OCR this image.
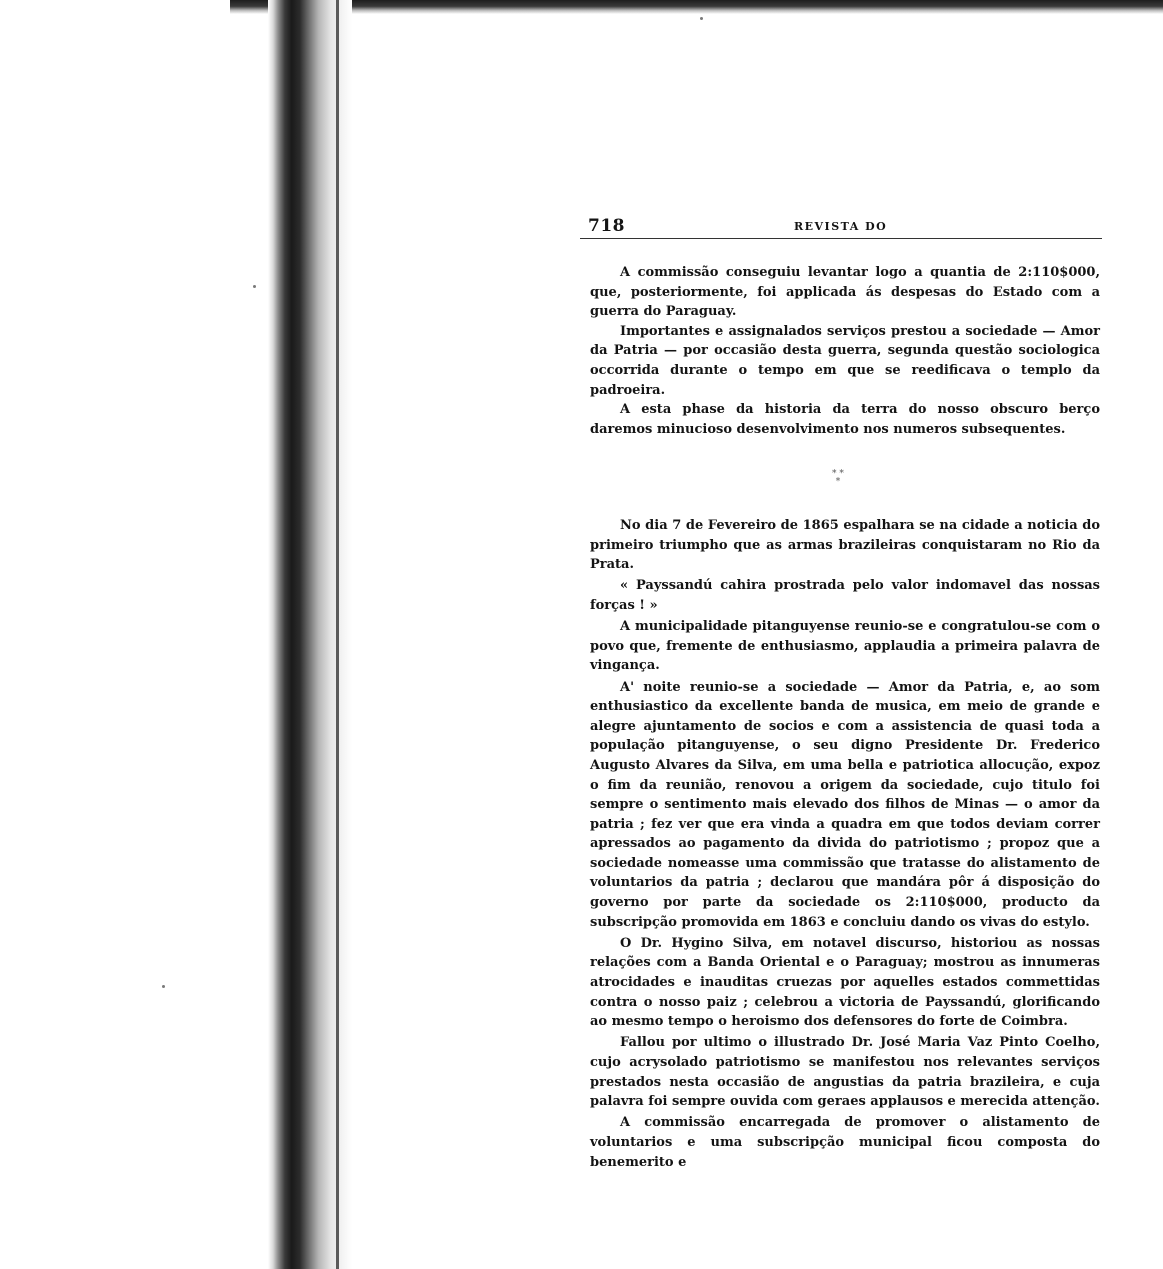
718	REVISTA DO

A commissão conseguiu levantar logo a quantia de 2:110$000, que, posteriormente, foi applicada ás despesas do Estado com a guerra do Paraguay.

Importantes e assignalados serviços prestou a sociedade — Amor da Patria — por occasião desta guerra, segunda questão sociologica occorrida durante o tempo em que se reedificava o templo da padroeira.

A esta phase da historia da terra do nosso obscuro berço daremos minucioso desenvolvimento nos numeros subsequentes.

* *
*

No dia 7 de Fevereiro de 1865 espalhara se na cidade a noticia do primeiro triumpho que as armas brazileiras conquistaram no Rio da Prata.

« Payssandú cahira prostrada pelo valor indomavel das nossas forças ! »

A municipalidade pitanguyense reunio-se e congratulou-se com o povo que, fremente de enthusiasmo, applaudia a primeira palavra de vingança.

A' noite reunio-se a sociedade — Amor da Patria, e, ao som enthusiastico da excellente banda de musica, em meio de grande e alegre ajuntamento de socios e com a assistencia de quasi toda a população pitanguyense, o seu digno Presidente Dr. Frederico Augusto Alvares da Silva, em uma bella e patriotica allocução, expoz o fim da reunião, renovou a origem da sociedade, cujo titulo foi sempre o sentimento mais elevado dos filhos de Minas — o amor da patria ; fez ver que era vinda a quadra em que todos deviam correr apressados ao pagamento da divida do patriotismo ; propoz que a sociedade nomeasse uma commissão que tratasse do alistamento de voluntarios da patria ; declarou que mandára pôr á disposição do governo por parte da sociedade os 2:110$000, producto da subscripção promovida em 1863 e concluiu dando os vivas do estylo.

O Dr. Hygino Silva, em notavel discurso, historiou as nossas relações com a Banda Oriental e o Paraguay; mostrou as innumeras atrocidades e inauditas cruezas por aquelles estados commettidas contra o nosso paiz ; celebrou a victoria de Payssandú, glorificando ao mesmo tempo o heroismo dos defensores do forte de Coimbra.

Fallou por ultimo o illustrado Dr. José Maria Vaz Pinto Coelho, cujo acrysolado patriotismo se manifestou nos relevantes serviços prestados nesta occasião de angustias da patria brazileira, e cuja palavra foi sempre ouvida com geraes applausos e merecida attenção.

A commissão encarregada de promover o alistamento de voluntarios e uma subscripção municipal ficou composta do benemerito e
